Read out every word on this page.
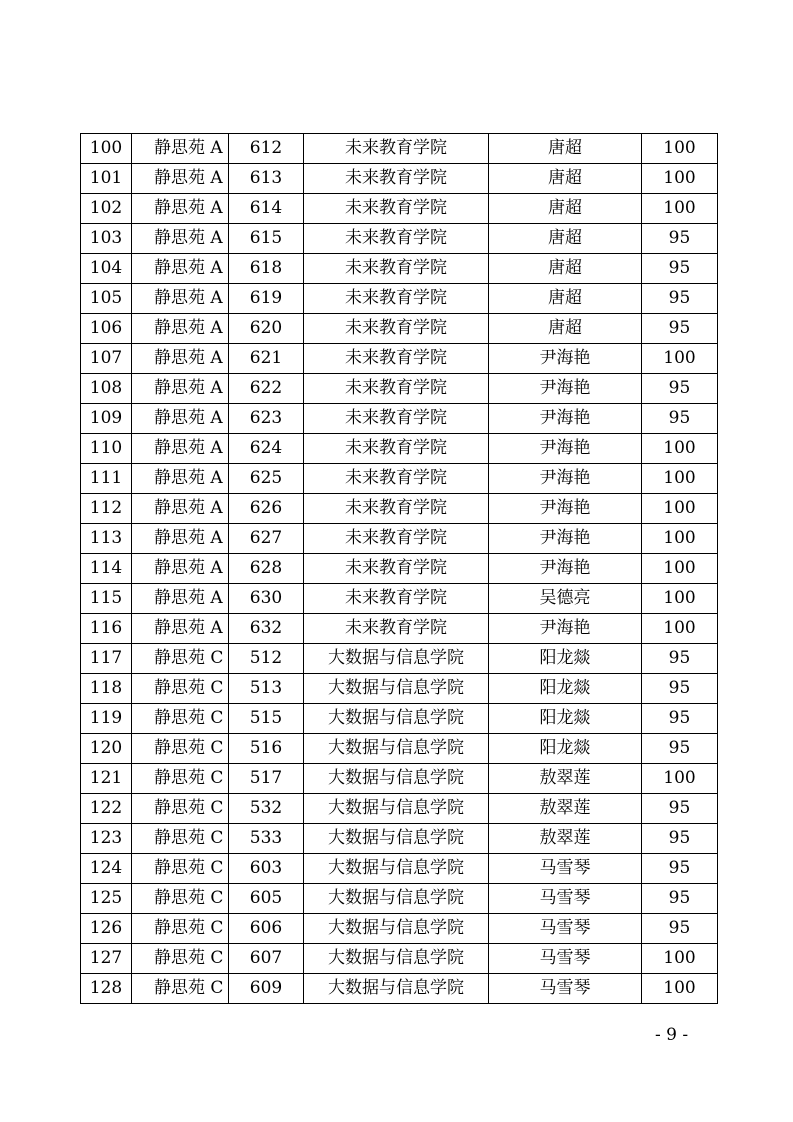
100	静思苑 A	612	未来教育学院	唐超	100
101	静思苑 A	613	未来教育学院	唐超	100
102	静思苑 A	614	未来教育学院	唐超	100
103	静思苑 A	615	未来教育学院	唐超	95
104	静思苑 A	618	未来教育学院	唐超	95
105	静思苑 A	619	未来教育学院	唐超	95
106	静思苑 A	620	未来教育学院	唐超	95
107	静思苑 A	621	未来教育学院	尹海艳	100
108	静思苑 A	622	未来教育学院	尹海艳	95
109	静思苑 A	623	未来教育学院	尹海艳	95
110	静思苑 A	624	未来教育学院	尹海艳	100
111	静思苑 A	625	未来教育学院	尹海艳	100
112	静思苑 A	626	未来教育学院	尹海艳	100
113	静思苑 A	627	未来教育学院	尹海艳	100
114	静思苑 A	628	未来教育学院	尹海艳	100
115	静思苑 A	630	未来教育学院	吴德亮	100
116	静思苑 A	632	未来教育学院	尹海艳	100
117	静思苑 C	512	大数据与信息学院	阳龙燚	95
118	静思苑 C	513	大数据与信息学院	阳龙燚	95
119	静思苑 C	515	大数据与信息学院	阳龙燚	95
120	静思苑 C	516	大数据与信息学院	阳龙燚	95
121	静思苑 C	517	大数据与信息学院	敖翠莲	100
122	静思苑 C	532	大数据与信息学院	敖翠莲	95
123	静思苑 C	533	大数据与信息学院	敖翠莲	95
124	静思苑 C	603	大数据与信息学院	马雪琴	95
125	静思苑 C	605	大数据与信息学院	马雪琴	95
126	静思苑 C	606	大数据与信息学院	马雪琴	95
127	静思苑 C	607	大数据与信息学院	马雪琴	100
128	静思苑 C	609	大数据与信息学院	马雪琴	100
- 9 -
